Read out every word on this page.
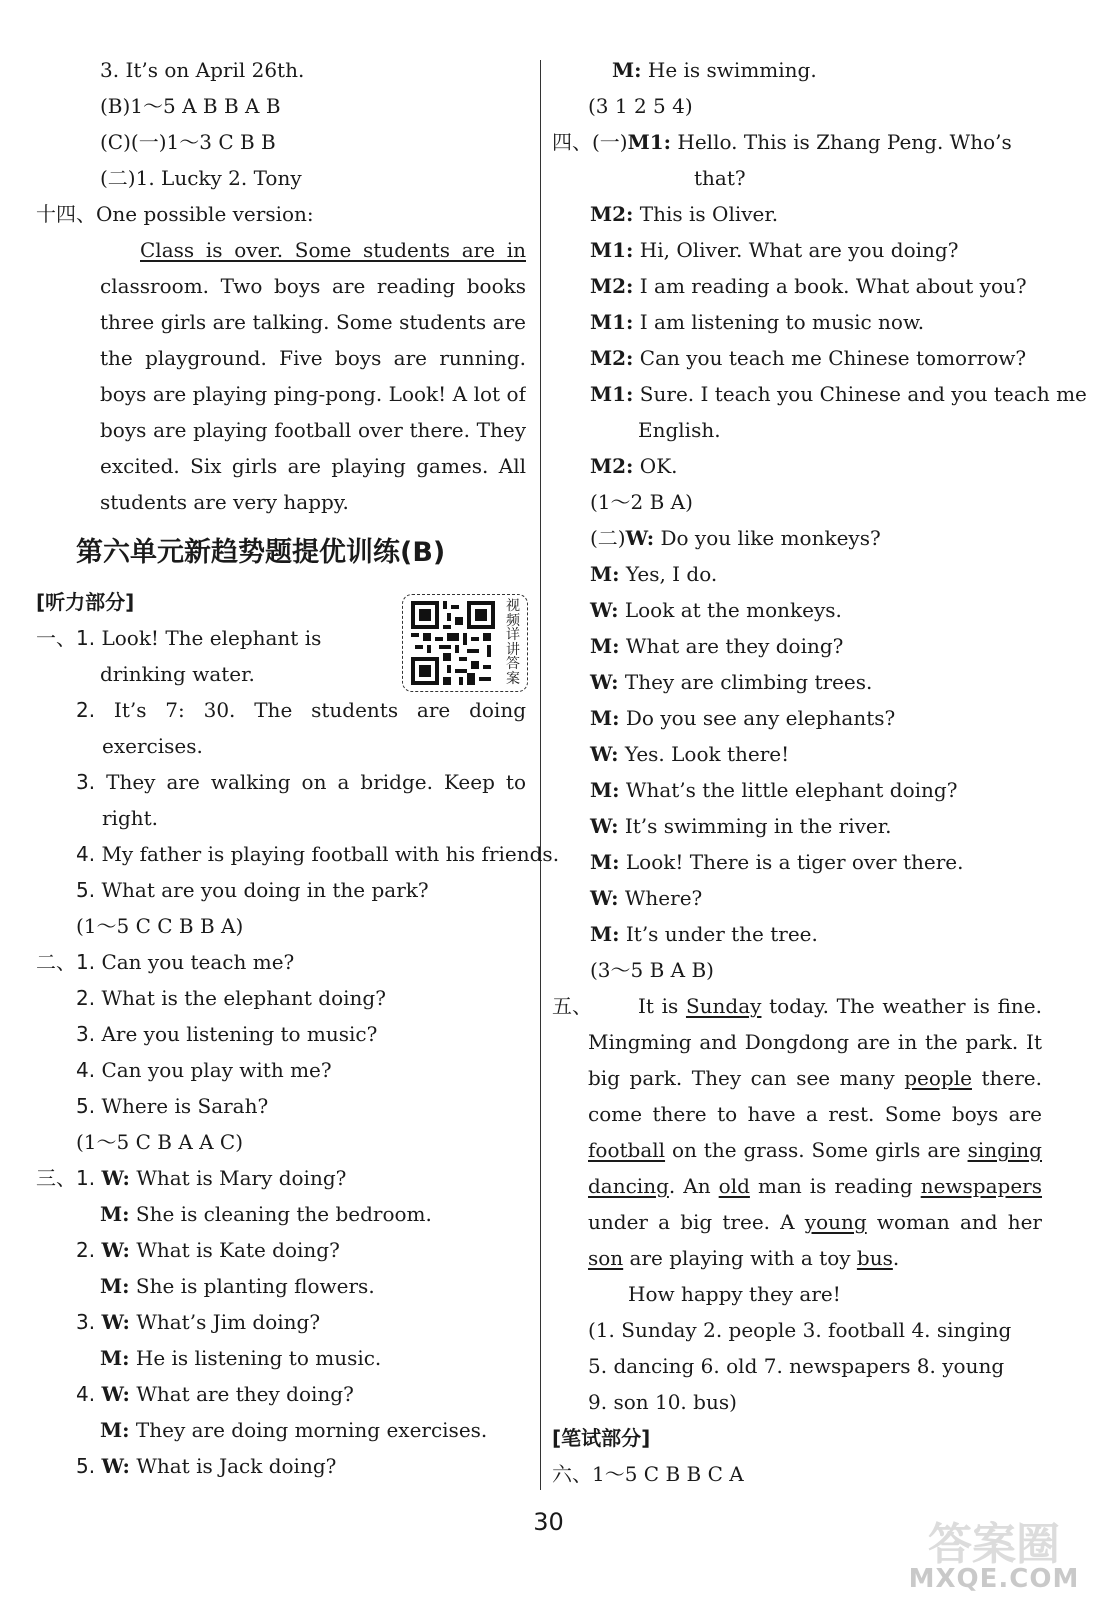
3. It’s on April 26th.
(B)1～5 A B B A B
(C)(一)1～3 C B B
(二)1. Lucky 2. Tony
十四、One possible version:
Class is over. Some students are in
classroom. Two boys are reading books
three girls are talking. Some students are
the playground. Five boys are running.
boys are playing ping-pong. Look! A lot of
boys are playing football over there. They
excited. Six girls are playing games. All
students are very happy.
第六单元新趋势题提优训练(B)
[听力部分]
一、1. Look! The elephant is
drinking water.
2. It’s 7: 30. The students are doing
exercises.
3. They are walking on a bridge. Keep to
right.
4. My father is playing football with his friends.
5. What are you doing in the park?
(1～5 C C B B A)
二、1. Can you teach me?
2. What is the elephant doing?
3. Are you listening to music?
4. Can you play with me?
5. Where is Sarah?
(1～5 C B A A C)
三、1. W: What is Mary doing?
M: She is cleaning the bedroom.
2. W: What is Kate doing?
M: She is planting flowers.
3. W: What’s Jim doing?
M: He is listening to music.
4. W: What are they doing?
M: They are doing morning exercises.
5. W: What is Jack doing?
视频详讲答案
M: He is swimming.
(3 1 2 5 4)
四、(一)M1: Hello. This is Zhang Peng. Who’s
that?
M2: This is Oliver.
M1: Hi, Oliver. What are you doing?
M2: I am reading a book. What about you?
M1: I am listening to music now.
M2: Can you teach me Chinese tomorrow?
M1: Sure. I teach you Chinese and you teach me
English.
M2: OK.
(1～2 B A)
(二)W: Do you like monkeys?
M: Yes, I do.
W: Look at the monkeys.
M: What are they doing?
W: They are climbing trees.
M: Do you see any elephants?
W: Yes. Look there!
M: What’s the little elephant doing?
W: It’s swimming in the river.
M: Look! There is a tiger over there.
W: Where?
M: It’s under the tree.
(3～5 B A B)
五、 It is Sunday today. The weather is fine.
Mingming and Dongdong are in the park. It
big park. They can see many people there.
come there to have a rest. Some boys are
football on the grass. Some girls are singing
dancing. An old man is reading newspapers
under a big tree. A young woman and her
son are playing with a toy bus.
How happy they are!
(1. Sunday 2. people 3. football 4. singing
5. dancing 6. old 7. newspapers 8. young
9. son 10. bus)
[笔试部分]
六、1～5 C B B C A
30	答案圈
MXQE.COM
